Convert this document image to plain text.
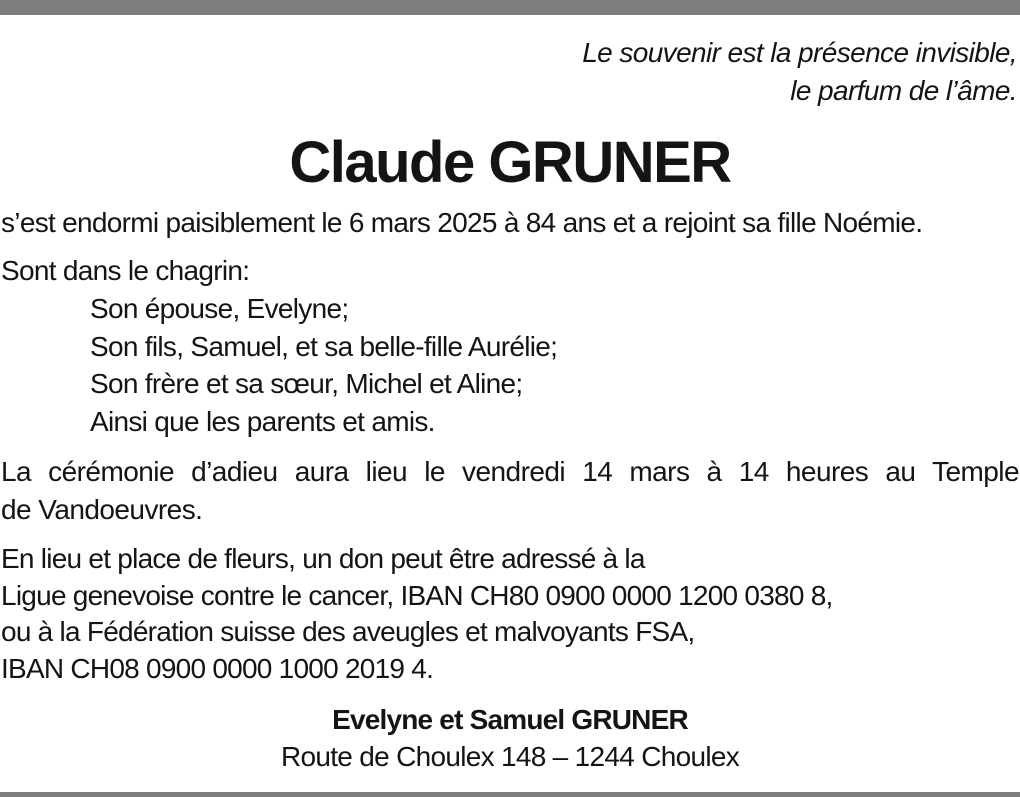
Le souvenir est la présence invisible,
le parfum de l’âme.
Claude GRUNER
s’est endormi paisiblement le 6 mars 2025 à 84 ans et a rejoint sa fille Noémie.
Sont dans le chagrin:
Son épouse, Evelyne;
Son fils, Samuel, et sa belle-fille Aurélie;
Son frère et sa sœur, Michel et Aline;
Ainsi que les parents et amis.
La cérémonie d’adieu aura lieu le vendredi 14 mars à 14 heures au Temple
de Vandoeuvres.
En lieu et place de fleurs, un don peut être adressé à la
Ligue genevoise contre le cancer, IBAN CH80 0900 0000 1200 0380 8,
ou à la Fédération suisse des aveugles et malvoyants FSA,
IBAN CH08 0900 0000 1000 2019 4.
Evelyne et Samuel GRUNER
Route de Choulex 148 – 1244 Choulex
